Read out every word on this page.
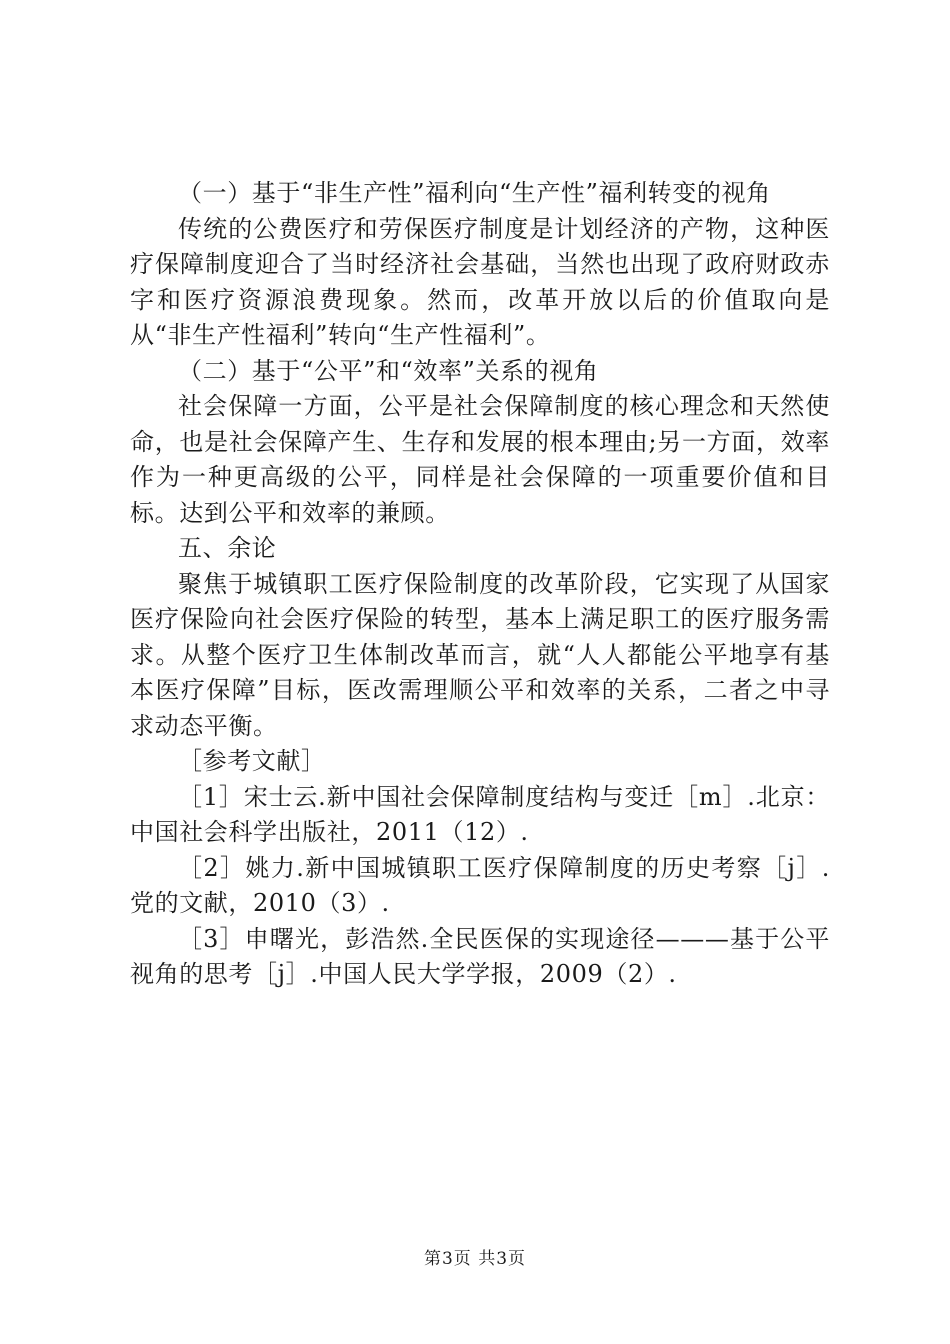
（一）基于“非生产性”福利向“生产性”福利转变的视角

传统的公费医疗和劳保医疗制度是计划经济的产物，这种医疗保障制度迎合了当时经济社会基础，当然也出现了政府财政赤字和医疗资源浪费现象。然而，改革开放以后的价值取向是从“非生产性福利”转向“生产性福利”。

（二）基于“公平”和“效率”关系的视角

社会保障一方面，公平是社会保障制度的核心理念和天然使命，也是社会保障产生、生存和发展的根本理由;另一方面，效率作为一种更高级的公平，同样是社会保障的一项重要价值和目标。达到公平和效率的兼顾。

五、余论

聚焦于城镇职工医疗保险制度的改革阶段，它实现了从国家医疗保险向社会医疗保险的转型，基本上满足职工的医疗服务需求。从整个医疗卫生体制改革而言，就“人人都能公平地享有基本医疗保障”目标，医改需理顺公平和效率的关系，二者之中寻求动态平衡。

［参考文献］

［1］宋士云.新中国社会保障制度结构与变迁［m］.北京：中国社会科学出版社，2011（12）.

［2］姚力.新中国城镇职工医疗保障制度的历史考察［j］.党的文献，2010（3）.

［3］申曙光，彭浩然.全民医保的实现途径———基于公平视角的思考［j］.中国人民大学学报，2009（2）.

第3页 共3页
